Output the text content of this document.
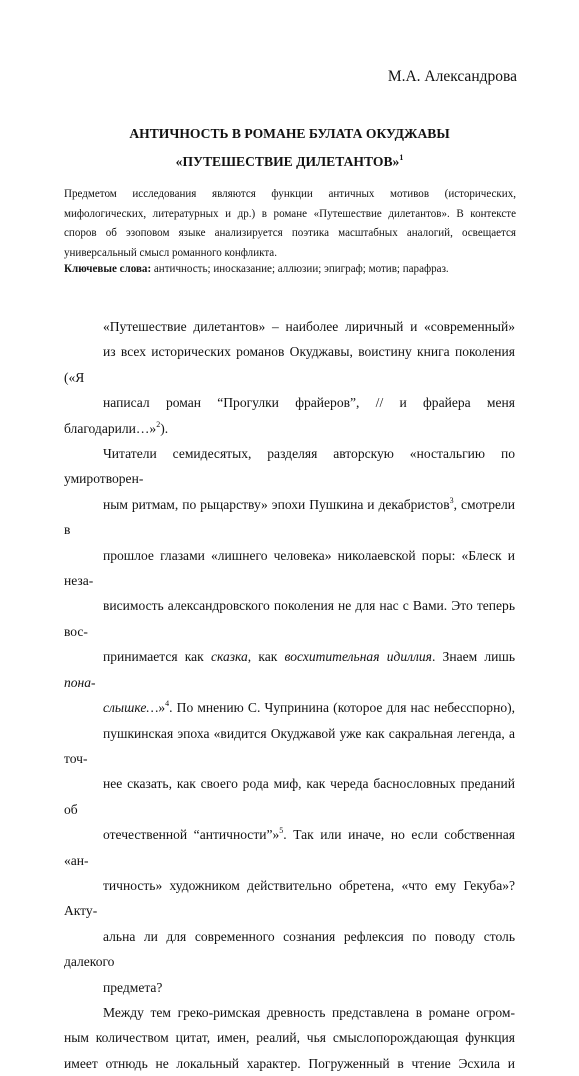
М.А. Александрова
АНТИЧНОСТЬ В РОМАНЕ БУЛАТА ОКУДЖАВЫ
«ПУТЕШЕСТВИЕ ДИЛЕТАНТОВ»$^1$
Предметом исследования являются функции античных мотивов (исторических, мифологических, литературных и др.) в романе «Путешествие дилетантов». В контексте споров об эзоповом языке анализируется поэтика масштабных аналогий, освещается универсальный смысл романного конфликта.
Ключевые слова: античность; иносказание; аллюзии; эпиграф; мотив; парафраз.

«Путешествие дилетантов» – наиболее лиричный и «современный»
из всех исторических романов Окуджавы, воистину книга поколения («Я
написал роман “Прогулки фрайеров”, // и фрайера меня благодарили…»$^2$).
Читатели семидесятых, разделяя авторскую «ностальгию по умиротворен-
ным ритмам, по рыцарству» эпохи Пушкина и декабристов$^3$, смотрели в
прошлое глазами «лишнего человека» николаевской поры: «Блеск и неза-
висимость александровского поколения не для нас с Вами. Это теперь вос-
принимается как сказка, как восхитительная идиллия. Знаем лишь пона-
слышке…»$^4$. По мнению С. Чупринина (которое для нас небесспорно),
пушкинская эпоха «видится Окуджавой уже как сакральная легенда, а точ-
нее сказать, как своего рода миф, как череда баснословных преданий об
отечественной “античности”»$^5$. Так или иначе, но если собственная «ан-
тичность» художником действительно обретена, «что ему Гекуба»? Акту-
альна ли для современного сознания рефлексия по поводу столь далекого
предмета?

Между тем греко-римская древность представлена в романе огром-
ным количеством цитат, имен, реалий, чья смыслопорождающая функция
имеет отнюдь не локальный характер. Погруженный в чтение Эсхила и
